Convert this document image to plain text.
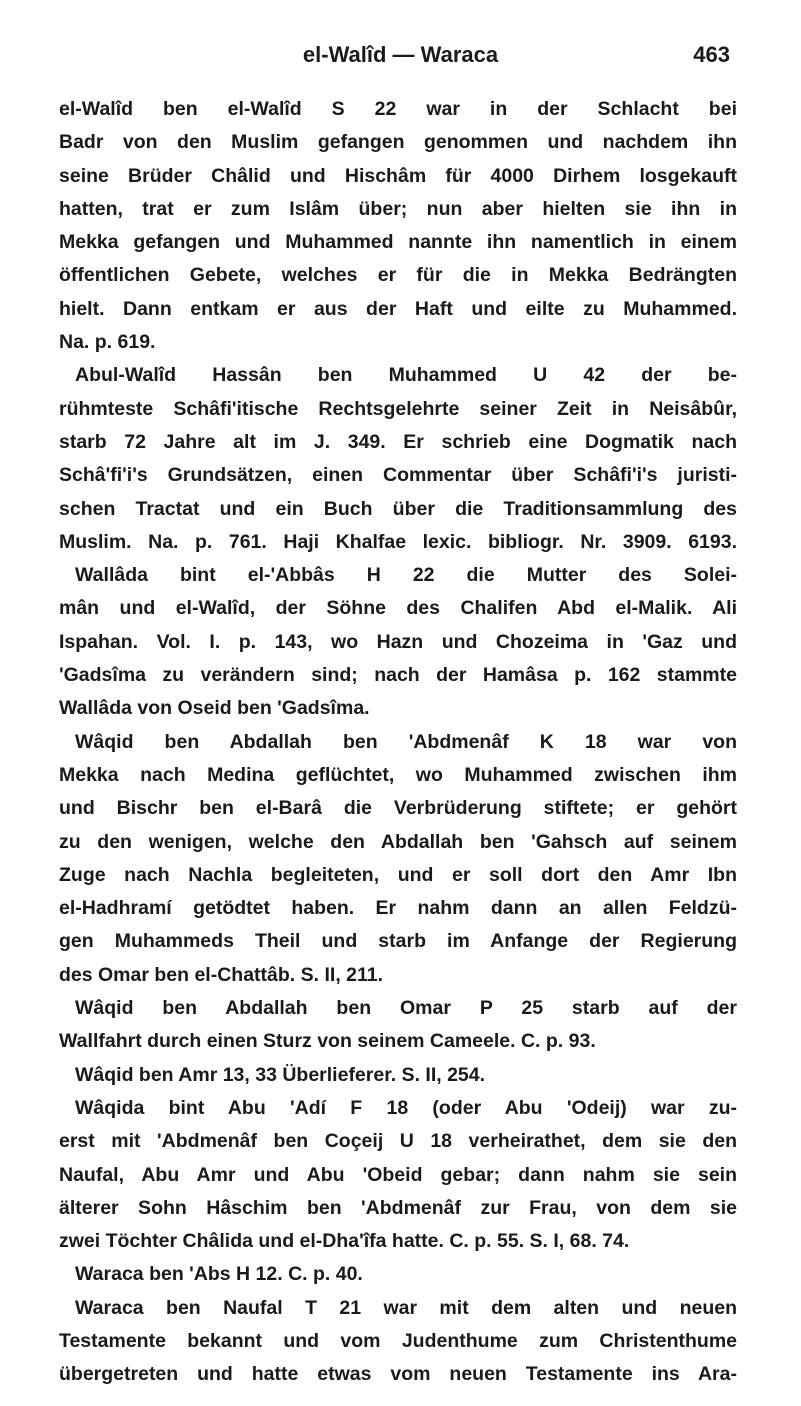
el-Walîd — Waraca	463
el-Walîd ben el-Walîd S 22 war in der Schlacht bei
Badr von den Muslim gefangen genommen und nachdem ihn
seine Brüder Châlid und Hischâm für 4000 Dirhem losgekauft
hatten, trat er zum Islâm über; nun aber hielten sie ihn in
Mekka gefangen und Muhammed nannte ihn namentlich in einem
öffentlichen Gebete, welches er für die in Mekka Bedrängten
hielt. Dann entkam er aus der Haft und eilte zu Muhammed.
Na. p. 619.
Abul-Walîd Hassân ben Muhammed U 42 der be-
rühmteste Schâfi'itische Rechtsgelehrte seiner Zeit in Neisâbûr,
starb 72 Jahre alt im J. 349. Er schrieb eine Dogmatik nach
Schâ'fi'i's Grundsätzen, einen Commentar über Schâfi'i's juristi-
schen Tractat und ein Buch über die Traditionsammlung des
Muslim. Na. p. 761. Haji Khalfae lexic. bibliogr. Nr. 3909. 6193.
Wallâda bint el-'Abbâs H 22 die Mutter des Solei-
mân und el-Walîd, der Söhne des Chalifen Abd el-Malik. Ali
Ispahan. Vol. I. p. 143, wo Hazn und Chozeima in 'Gaz und
'Gadsîma zu verändern sind; nach der Hamâsa p. 162 stammte
Wallâda von Oseid ben 'Gadsîma.
Wâqid ben Abdallah ben 'Abdmenâf K 18 war von
Mekka nach Medina geflüchtet, wo Muhammed zwischen ihm
und Bischr ben el-Barâ die Verbrüderung stiftete; er gehört
zu den wenigen, welche den Abdallah ben 'Gahsch auf seinem
Zuge nach Nachla begleiteten, und er soll dort den Amr Ibn
el-Hadhramí getödtet haben. Er nahm dann an allen Feldzü-
gen Muhammeds Theil und starb im Anfange der Regierung
des Omar ben el-Chattâb. S. II, 211.
Wâqid ben Abdallah ben Omar P 25 starb auf der
Wallfahrt durch einen Sturz von seinem Cameele. C. p. 93.
Wâqid ben Amr 13, 33 Überlieferer. S. II, 254.
Wâqida bint Abu 'Adí F 18 (oder Abu 'Odeij) war zu-
erst mit 'Abdmenâf ben Coçeij U 18 verheirathet, dem sie den
Naufal, Abu Amr und Abu 'Obeid gebar; dann nahm sie sein
älterer Sohn Hâschim ben 'Abdmenâf zur Frau, von dem sie
zwei Töchter Châlida und el-Dha'îfa hatte. C. p. 55. S. I, 68. 74.
Waraca ben 'Abs H 12. C. p. 40.
Waraca ben Naufal T 21 war mit dem alten und neuen
Testamente bekannt und vom Judenthume zum Christenthume
übergetreten und hatte etwas vom neuen Testamente ins Ara-
